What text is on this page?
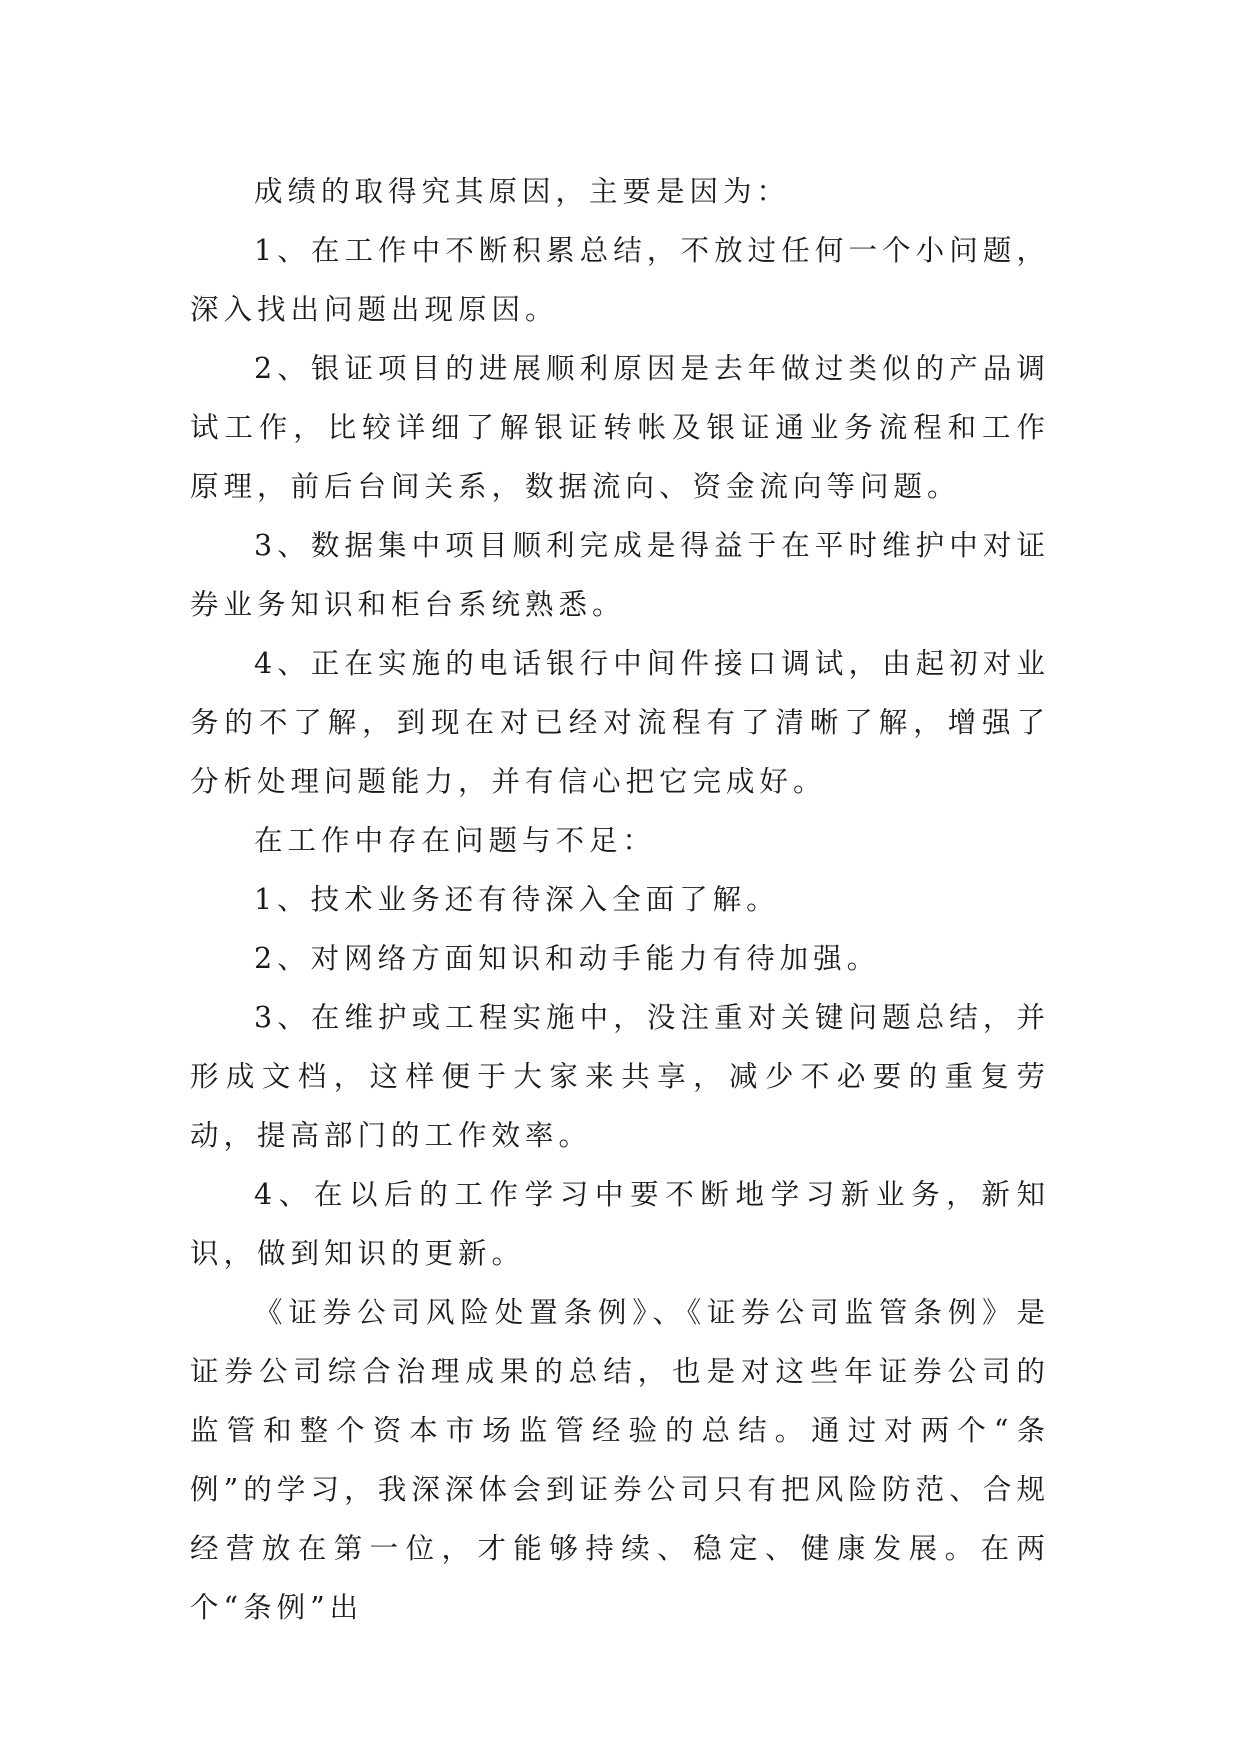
成绩的取得究其原因，主要是因为：

1、在工作中不断积累总结，不放过任何一个小问题，深入找出问题出现原因。

2、银证项目的进展顺利原因是去年做过类似的产品调试工作，比较详细了解银证转帐及银证通业务流程和工作原理，前后台间关系，数据流向、资金流向等问题。

3、数据集中项目顺利完成是得益于在平时维护中对证券业务知识和柜台系统熟悉。

4、正在实施的电话银行中间件接口调试，由起初对业务的不了解，到现在对已经对流程有了清晰了解，增强了分析处理问题能力，并有信心把它完成好。

在工作中存在问题与不足：

1、技术业务还有待深入全面了解。

2、对网络方面知识和动手能力有待加强。

3、在维护或工程实施中，没注重对关键问题总结，并形成文档，这样便于大家来共享，减少不必要的重复劳动，提高部门的工作效率。

4、在以后的工作学习中要不断地学习新业务，新知识，做到知识的更新。

《证券公司风险处置条例》、《证券公司监管条例》是证券公司综合治理成果的总结，也是对这些年证券公司的监管和整个资本市场监管经验的总结。通过对两个“条例”的学习，我深深体会到证券公司只有把风险防范、合规经营放在第一位，才能够持续、稳定、健康发展。在两个“条例”出
